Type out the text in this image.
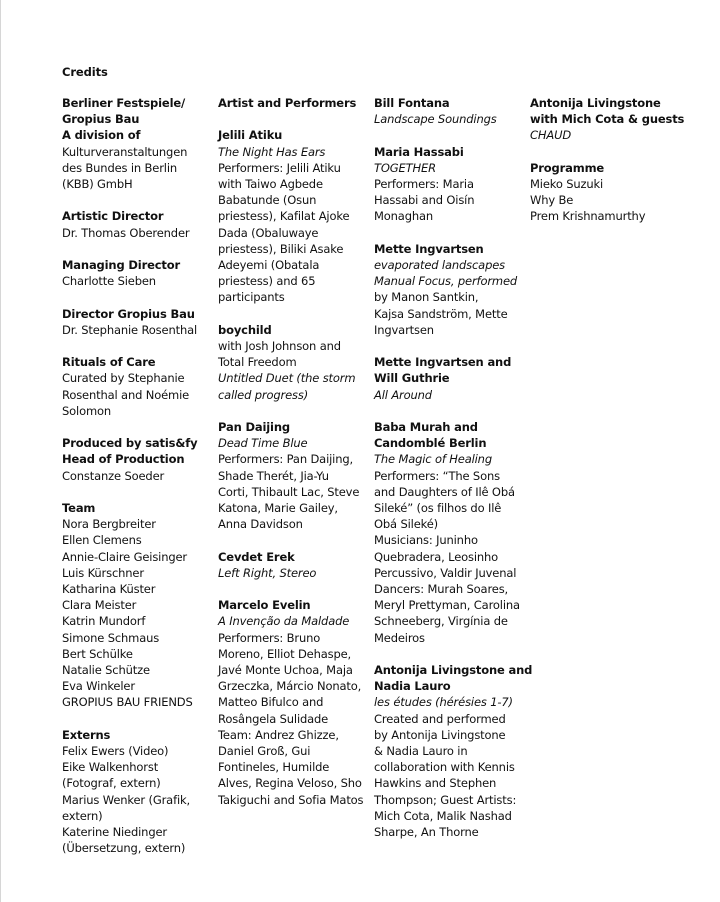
Credits
Berliner Festspiele/
Gropius Bau
A division of
Kulturveranstaltungen
des Bundes in Berlin
(KBB) GmbH
Artistic Director
Dr. Thomas Oberender
Managing Director
Charlotte Sieben
Director Gropius Bau
Dr. Stephanie Rosenthal
Rituals of Care
Curated by Stephanie
Rosenthal and Noémie
Solomon
Produced by satis&fy
Head of Production
Constanze Soeder
Team
Nora Bergbreiter
Ellen Clemens
Annie-Claire Geisinger
Luis Kürschner
Katharina Küster
Clara Meister
Katrin Mundorf
Simone Schmaus
Bert Schülke
Natalie Schütze
Eva Winkeler
GROPIUS BAU FRIENDS
Externs
Felix Ewers (Video)
Eike Walkenhorst
(Fotograf, extern)
Marius Wenker (Grafik,
extern)
Katerine Niedinger
(Übersetzung, extern)
Artist and Performers
Jelili Atiku
The Night Has Ears
Performers: Jelili Atiku
with Taiwo Agbede
Babatunde (Osun
priestess), Kafilat Ajoke
Dada (Obaluwaye
priestess), Biliki Asake
Adeyemi (Obatala
priestess) and 65
participants
boychild
with Josh Johnson and
Total Freedom
Untitled Duet (the storm
called progress)
Pan Daijing
Dead Time Blue
Performers: Pan Daijing,
Shade Therét, Jia-Yu
Corti, Thibault Lac, Steve
Katona, Marie Gailey,
Anna Davidson
Cevdet Erek
Left Right, Stereo
Marcelo Evelin
A Invenção da Maldade
Performers: Bruno
Moreno, Elliot Dehaspe,
Javé Monte Uchoa, Maja
Grzeczka, Márcio Nonato,
Matteo Bifulco and
Rosângela Sulidade
Team: Andrez Ghizze,
Daniel Groß, Gui
Fontineles, Humilde
Alves, Regina Veloso, Sho
Takiguchi and Sofia Matos
Bill Fontana
Landscape Soundings
Maria Hassabi
TOGETHER
Performers: Maria
Hassabi and Oisín
Monaghan
Mette Ingvartsen
evaporated landscapes
Manual Focus, performed
by Manon Santkin,
Kajsa Sandström, Mette
Ingvartsen
Mette Ingvartsen and
Will Guthrie
All Around
Baba Murah and
Candomblé Berlin
The Magic of Healing
Performers: “The Sons
and Daughters of Ilê Obá
Sileké” (os filhos do Ilê
Obá Sileké)
Musicians: Juninho
Quebradera, Leosinho
Percussivo, Valdir Juvenal
Dancers: Murah Soares,
Meryl Prettyman, Carolina
Schneeberg, Virgínia de
Medeiros
Antonija Livingstone and
Nadia Lauro
les études (hérésies 1-7)
Created and performed
by Antonija Livingstone
& Nadia Lauro in
collaboration with Kennis
Hawkins and Stephen
Thompson; Guest Artists:
Mich Cota, Malik Nashad
Sharpe, An Thorne
Antonija Livingstone
with Mich Cota & guests
CHAUD
Programme
Mieko Suzuki
Why Be
Prem Krishnamurthy
